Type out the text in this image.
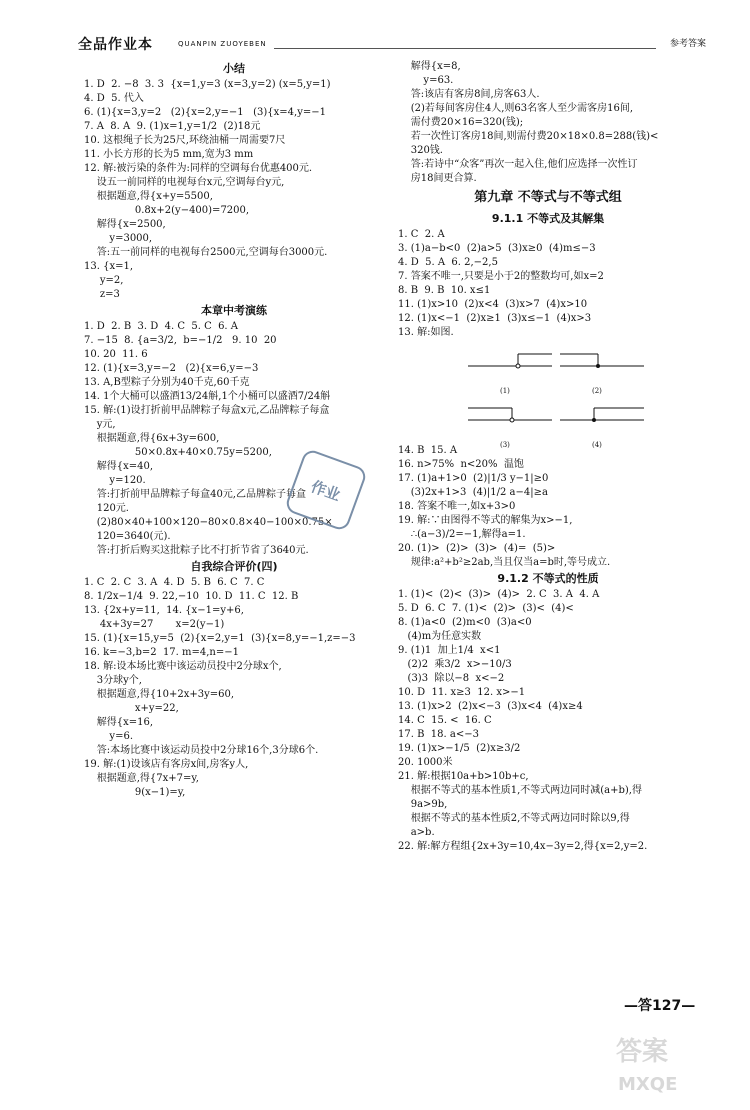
全品作业本	QUANPIN ZUOYEBEN	参考答案
小结
1. D  2. −8  3. 3  {x=1,y=3 (x=3,y=2) (x=5,y=1)
4. D  5. 代入
6. (1){x=3,y=2   (2){x=2,y=−1   (3){x=4,y=−1
7. A  8. A  9. (1)x=1,y=1/2  (2)18元
10. 这根绳子长为25尺,环绕油桶一周需要7尺
11. 小长方形的长为5 mm,宽为3 mm
12. 解:被污染的条件为:同样的空调每台优惠400元.
设五一前同样的电视每台x元,空调每台y元,
根据题意,得{x+y=5500,
0.8x+2(y−400)=7200,
解得{x=2500,
y=3000,
答:五一前同样的电视每台2500元,空调每台3000元.
13. {x=1,
y=2,
z=3
本章中考演练
1. D  2. B  3. D  4. C  5. C  6. A
7. −15  8. {a=3/2,  b=−1/2   9. 10  20
10. 20  11. 6
12. (1){x=3,y=−2   (2){x=6,y=−3
13. A,B型粽子分别为40千克,60千克
14. 1个大桶可以盛酒13/24斛,1个小桶可以盛酒7/24斛
15. 解:(1)设打折前甲品牌粽子每盒x元,乙品牌粽子每盒
y元,
根据题意,得{6x+3y=600,
50×0.8x+40×0.75y=5200,
解得{x=40,
y=120.
答:打折前甲品牌粽子每盒40元,乙品牌粽子每盒
120元.
(2)80×40+100×120−80×0.8×40−100×0.75×
120=3640(元).
答:打折后购买这批粽子比不打折节省了3640元.
自我综合评价(四)
1. C  2. C  3. A  4. D  5. B  6. C  7. C
8. 1/2x−1/4  9. 22,−10  10. D  11. C  12. B
13. {2x+y=11,  14. {x−1=y+6,
4x+3y=27       x=2(y−1)
15. (1){x=15,y=5  (2){x=2,y=1  (3){x=8,y=−1,z=−3
16. k=−3,b=2  17. m=4,n=−1
18. 解:设本场比赛中该运动员投中2分球x个,
3分球y个,
根据题意,得{10+2x+3y=60,
x+y=22,
解得{x=16,
y=6.
答:本场比赛中该运动员投中2分球16个,3分球6个.
19. 解:(1)设该店有客房x间,房客y人,
根据题意,得{7x+7=y,
9(x−1)=y,
解得{x=8,
y=63.
答:该店有客房8间,房客63人.
(2)若每间客房住4人,则63名客人至少需客房16间,
需付费20×16=320(钱);
若一次性订客房18间,则需付费20×18×0.8=288(钱)<
320钱.
答:若诗中“众客”再次一起入住,他们应选择一次性订
房18间更合算.
第九章 不等式与不等式组
9.1.1 不等式及其解集
1. C  2. A
3. (1)a−b<0  (2)a>5  (3)x≥0  (4)m≤−3
4. D  5. A  6. 2,−2,5
7. 答案不唯一,只要是小于2的整数均可,如x=2
8. B  9. B  10. x≤1
11. (1)x>10  (2)x<4  (3)x>7  (4)x>10
12. (1)x<−1  (2)x≥1  (3)x≤−1  (4)x>3
13. 解:如图.
(1)	(2)
(3)	(4)
14. B  15. A
16. n>75%  n<20%  温饱
17. (1)a+1>0  (2)|1/3 y−1|≥0
(3)2x+1>3  (4)|1/2 a−4|≥a
18. 答案不唯一,如x+3>0
19. 解:∵由图得不等式的解集为x>−1,
∴(a−3)/2=−1,解得a=1.
20. (1)>  (2)>  (3)>  (4)=  (5)>
规律:a²+b²≥2ab,当且仅当a=b时,等号成立.
9.1.2 不等式的性质
1. (1)<  (2)<  (3)>  (4)>  2. C  3. A  4. A
5. D  6. C  7. (1)<  (2)>  (3)<  (4)<
8. (1)a<0  (2)m<0  (3)a<0
(4)m为任意实数
9. (1)1  加上1/4  x<1
(2)2  乘3/2  x>−10/3
(3)3  除以−8  x<−2
10. D  11. x≥3  12. x>−1
13. (1)x>2  (2)x<−3  (3)x<4  (4)x≥4
14. C  15. <  16. C
17. B  18. a<−3
19. (1)x>−1/5  (2)x≥3/2
20. 1000米
21. 解:根据10a+b>10b+c,
根据不等式的基本性质1,不等式两边同时减(a+b),得
9a>9b,
根据不等式的基本性质2,不等式两边同时除以9,得
a>b.
22. 解:解方程组{2x+3y=10,4x−3y=2,得{x=2,y=2.
作业
—答127—
答案
MXQE
